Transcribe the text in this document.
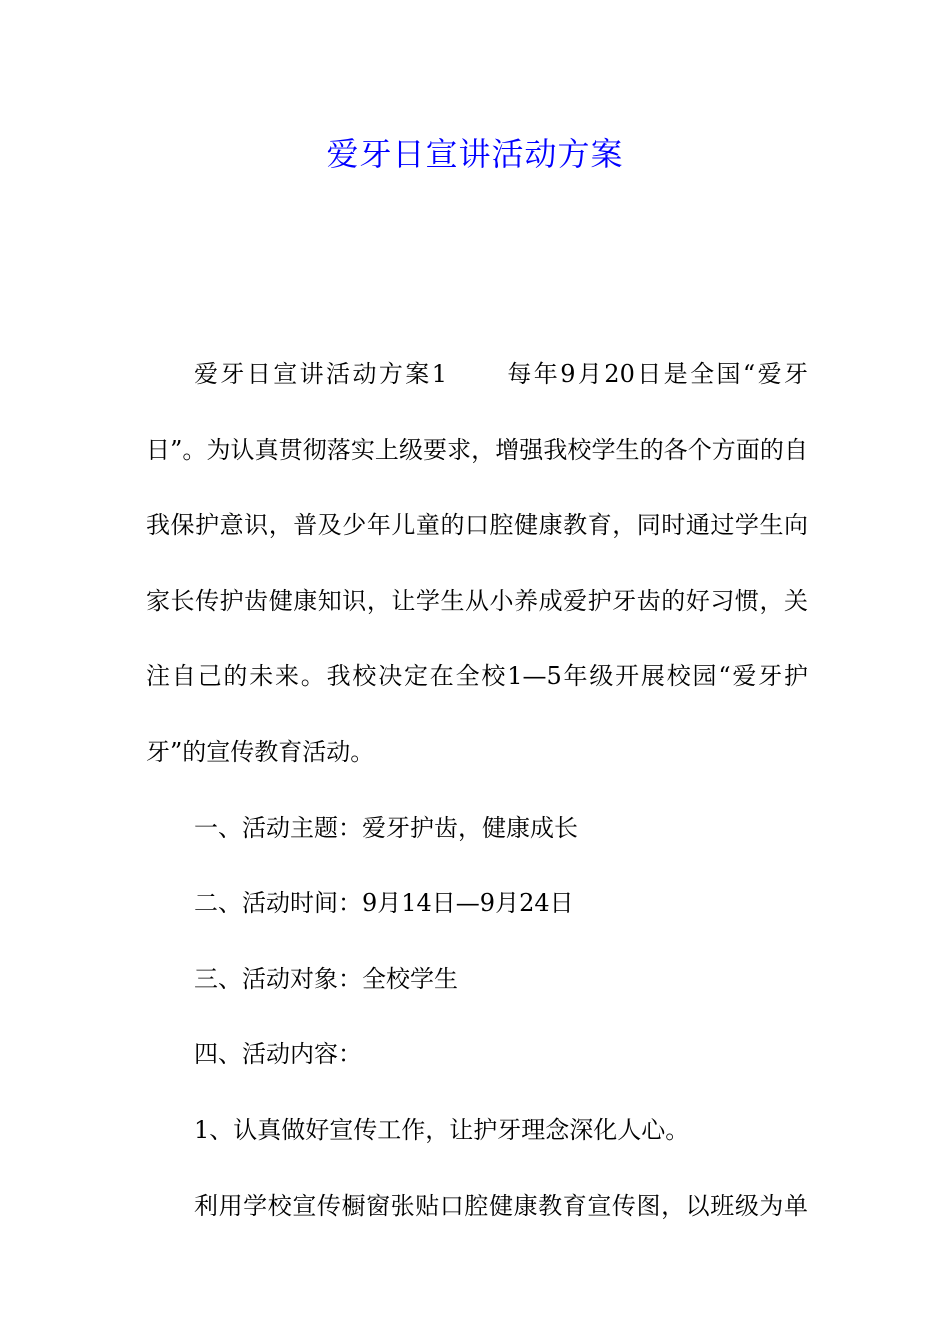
爱牙日宣讲活动方案

爱牙日宣讲活动方案1 每年9月20日是全国“爱牙日”。为认真贯彻落实上级要求，增强我校学生的各个方面的自我保护意识，普及少年儿童的口腔健康教育，同时通过学生向家长传护齿健康知识，让学生从小养成爱护牙齿的好习惯，关注自己的未来。我校决定在全校1—5年级开展校园“爱牙护牙”的宣传教育活动。

一、活动主题：爱牙护齿，健康成长

二、活动时间：9月14日—9月24日

三、活动对象：全校学生

四、活动内容：

1、认真做好宣传工作，让护牙理念深化人心。

利用学校宣传橱窗张贴口腔健康教育宣传图，以班级为单
